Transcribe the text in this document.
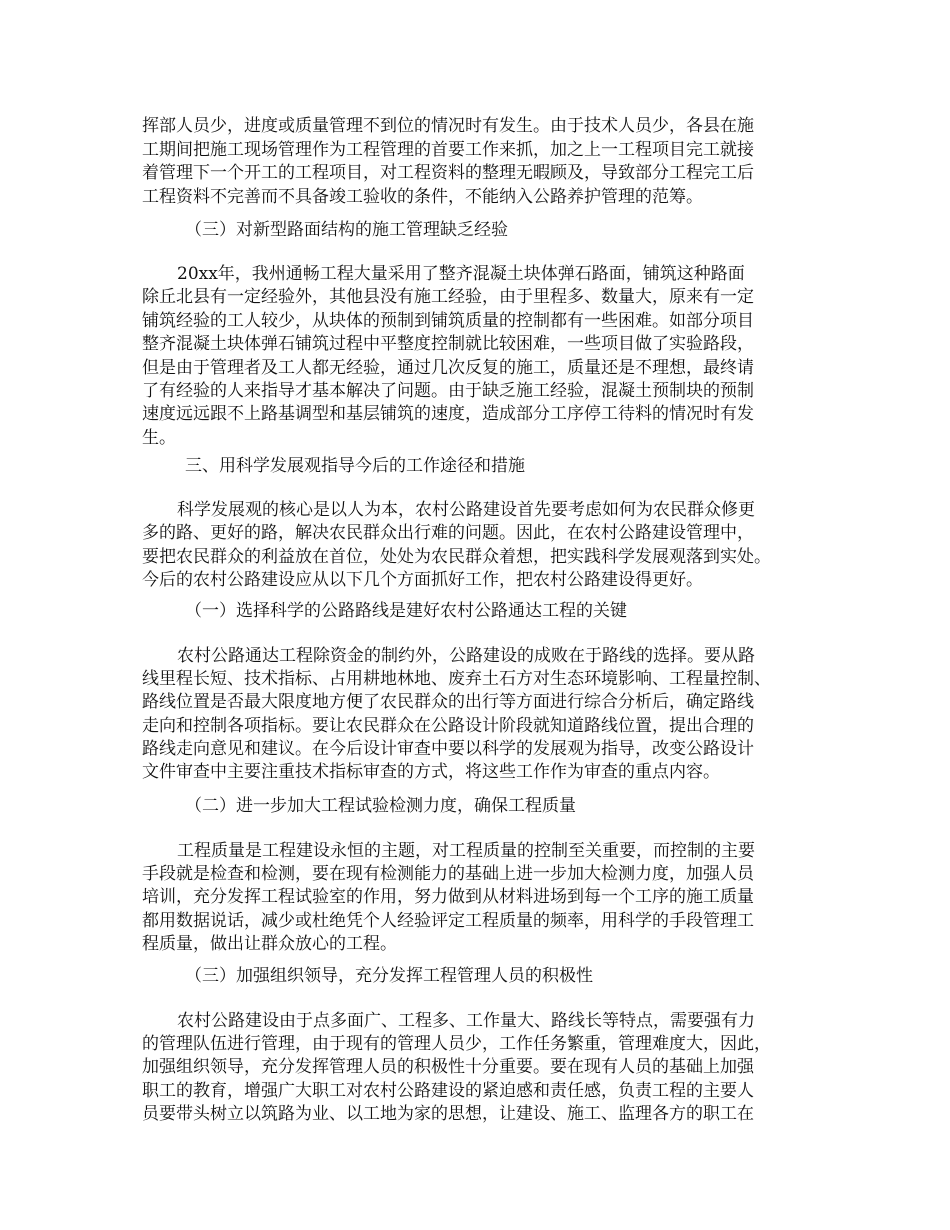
挥部人员少，进度或质量管理不到位的情况时有发生。由于技术人员少，各县在施
工期间把施工现场管理作为工程管理的首要工作来抓，加之上一工程项目完工就接
着管理下一个开工的工程项目，对工程资料的整理无暇顾及，导致部分工程完工后
工程资料不完善而不具备竣工验收的条件，不能纳入公路养护管理的范筹。
（三）对新型路面结构的施工管理缺乏经验
20xx年，我州通畅工程大量采用了整齐混凝土块体弹石路面，铺筑这种路面
除丘北县有一定经验外，其他县没有施工经验，由于里程多、数量大，原来有一定
铺筑经验的工人较少，从块体的预制到铺筑质量的控制都有一些困难。如部分项目
整齐混凝土块体弹石铺筑过程中平整度控制就比较困难，一些项目做了实验路段，
但是由于管理者及工人都无经验，通过几次反复的施工，质量还是不理想，最终请
了有经验的人来指导才基本解决了问题。由于缺乏施工经验，混凝土预制块的预制
速度远远跟不上路基调型和基层铺筑的速度，造成部分工序停工待料的情况时有发
生。
三、用科学发展观指导今后的工作途径和措施
科学发展观的核心是以人为本，农村公路建设首先要考虑如何为农民群众修更
多的路、更好的路，解决农民群众出行难的问题。因此，在农村公路建设管理中，
要把农民群众的利益放在首位，处处为农民群众着想，把实践科学发展观落到实处。
今后的农村公路建设应从以下几个方面抓好工作，把农村公路建设得更好。
（一）选择科学的公路路线是建好农村公路通达工程的关键
农村公路通达工程除资金的制约外，公路建设的成败在于路线的选择。要从路
线里程长短、技术指标、占用耕地林地、废弃土石方对生态环境影响、工程量控制、
路线位置是否最大限度地方便了农民群众的出行等方面进行综合分析后，确定路线
走向和控制各项指标。要让农民群众在公路设计阶段就知道路线位置，提出合理的
路线走向意见和建议。在今后设计审查中要以科学的发展观为指导，改变公路设计
文件审查中主要注重技术指标审查的方式，将这些工作作为审查的重点内容。
（二）进一步加大工程试验检测力度，确保工程质量
工程质量是工程建设永恒的主题，对工程质量的控制至关重要，而控制的主要
手段就是检查和检测，要在现有检测能力的基础上进一步加大检测力度，加强人员
培训，充分发挥工程试验室的作用，努力做到从材料进场到每一个工序的施工质量
都用数据说话，减少或杜绝凭个人经验评定工程质量的频率，用科学的手段管理工
程质量，做出让群众放心的工程。
（三）加强组织领导，充分发挥工程管理人员的积极性
农村公路建设由于点多面广、工程多、工作量大、路线长等特点，需要强有力
的管理队伍进行管理，由于现有的管理人员少，工作任务繁重，管理难度大，因此，
加强组织领导，充分发挥管理人员的积极性十分重要。要在现有人员的基础上加强
职工的教育，增强广大职工对农村公路建设的紧迫感和责任感，负责工程的主要人
员要带头树立以筑路为业、以工地为家的思想，让建设、施工、监理各方的职工在
